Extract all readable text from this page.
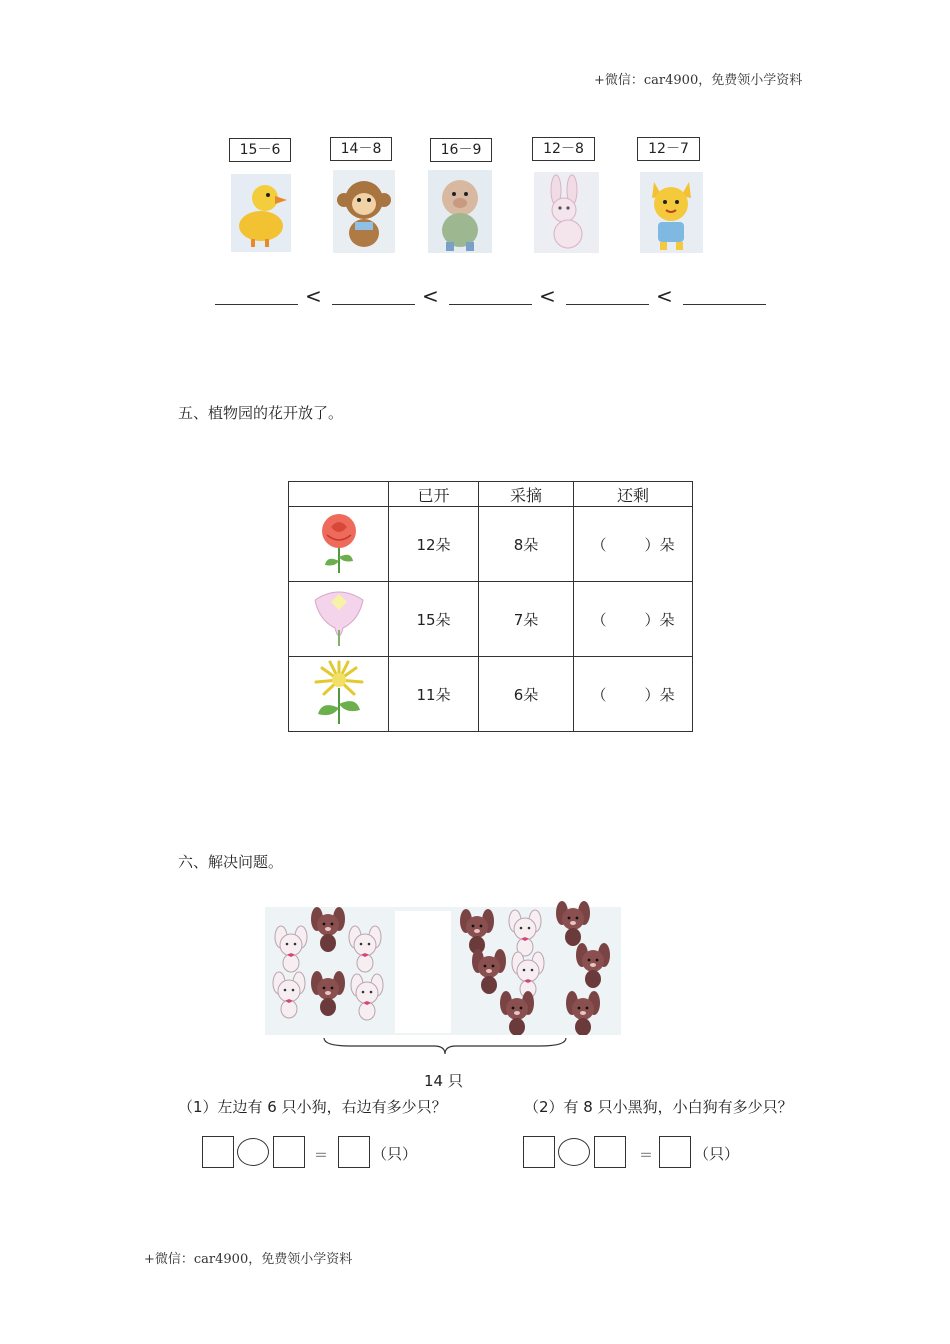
+微信：car4900，免费领小学资料
15－6	14－8	16－9	12－8	12－7
<	<	<	<
五、植物园的花开放了。
	已开	采摘	还剩
	12朵	8朵	（ ）朵
	15朵	7朵	（ ）朵
	11朵	6朵	（ ）朵
六、解决问题。
14 只
（1）左边有 6 只小狗，右边有多少只？	（2）有 8 只小黑狗，小白狗有多少只？
＝	（只）	＝	（只）
+微信：car4900，免费领小学资料
